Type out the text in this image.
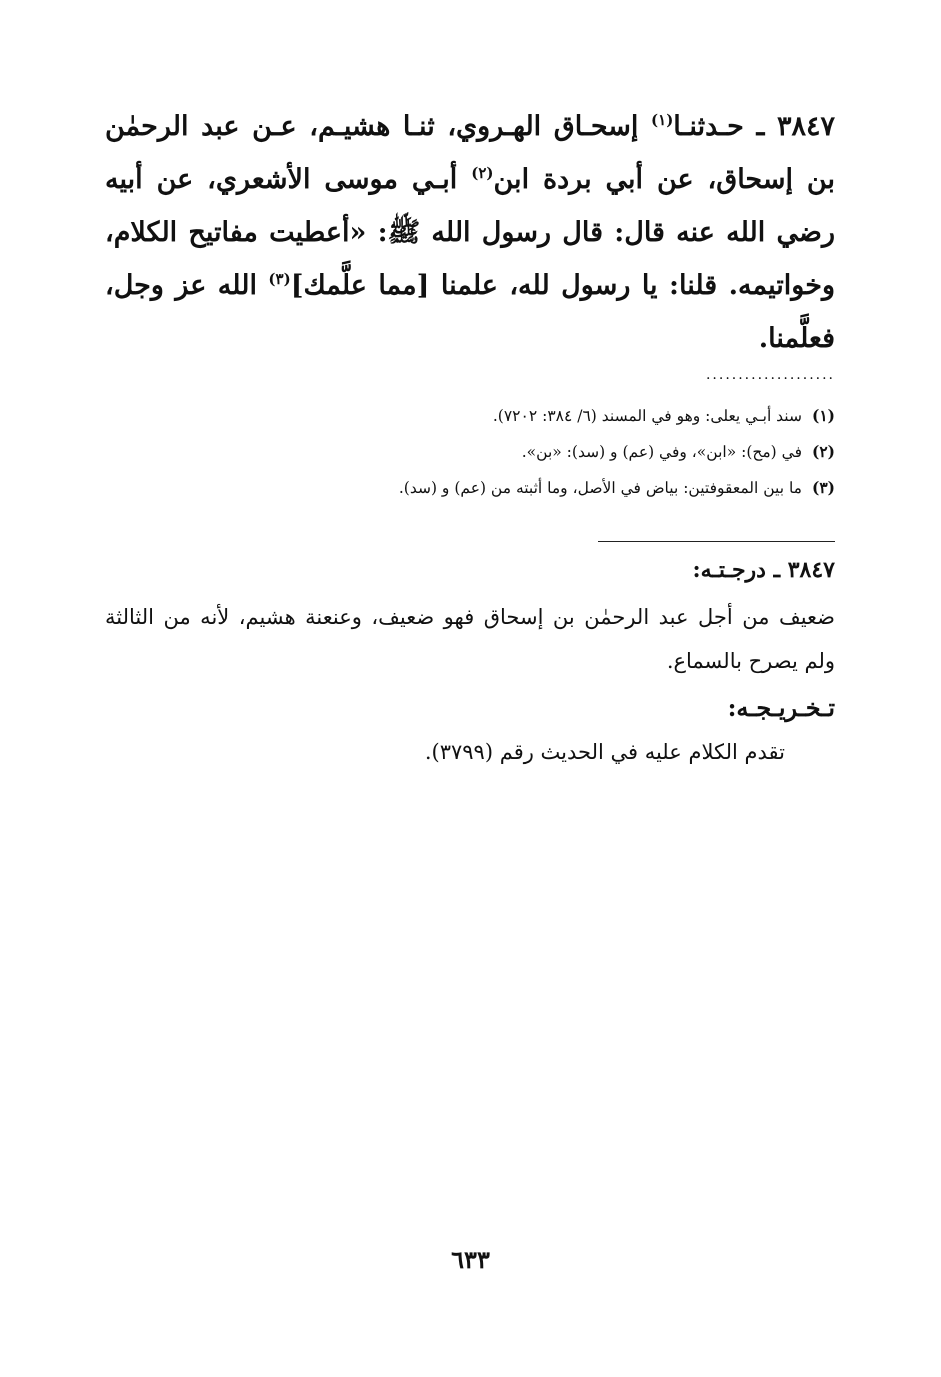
٣٨٤٧ ـ حـدثنـا$^{(١)}$ إسحـاق الهـروي، ثنـا هشيـم، عـن عبد الرحمٰن بن إسحاق، عن أبي بردة ابن$^{(٢)}$ أبـي موسى الأشعري، عن أبيه رضي الله عنه قال: قال رسول الله ﷺ: «أعطيت مفاتيح الكلام، وخواتيمه. قلنا: يا رسول لله، علمنا [مما علَّمك]$^{(٣)}$ الله عز وجل، فعلَّمنا.
....................
(١)سند أبـي يعلى: وهو في المسند (٦/ ٣٨٤: ٧٢٠٢).
(٢)في (مح): «ابن»، وفي (عم) و (سد): «بن».
(٣)ما بين المعقوفتين: بياض في الأصل، وما أثبته من (عم) و (سد).
٣٨٤٧ ـ درجـتـه:
ضعيف من أجل عبد الرحمٰن بن إسحاق فهو ضعيف، وعنعنة هشيم، لأنه من الثالثة ولم يصرح بالسماع.
تـخـريـجـه:
تقدم الكلام عليه في الحديث رقم (٣٧٩٩).
٦٣٣
